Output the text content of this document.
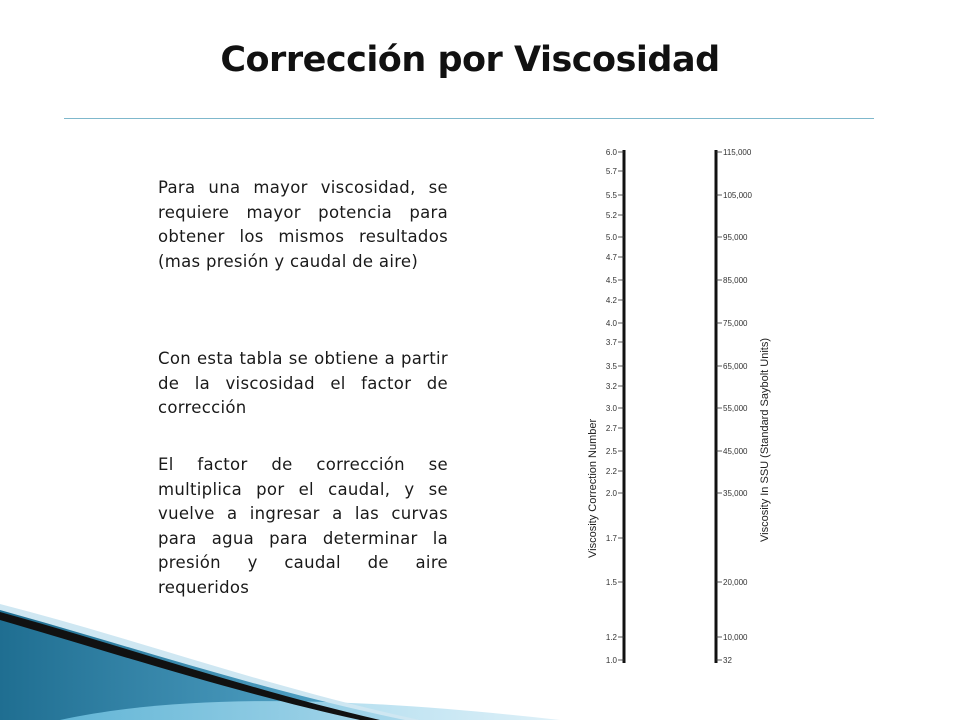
Corrección por Viscosidad
Para una mayor viscosidad, se requiere mayor potencia para obtener los mismos resultados (mas presión y caudal de aire)
Con esta tabla se obtiene a partir de la viscosidad el factor de corrección
El factor de corrección se multiplica por el caudal, y se vuelve a ingresar a las curvas para agua para determinar la presión y caudal de aire requeridos
6.0
5.7
5.5
5.2
5.0
4.7
4.5
4.2
4.0
3.7
3.5
3.2
3.0
2.7
2.5
2.2
2.0
1.7
1.5
1.2
1.0
Viscosity Correction Number
115,000
105,000
95,000
85,000
75,000
65,000
55,000
45,000
35,000
20,000
10,000
32
Viscosity In SSU (Standard Saybolt Units)
